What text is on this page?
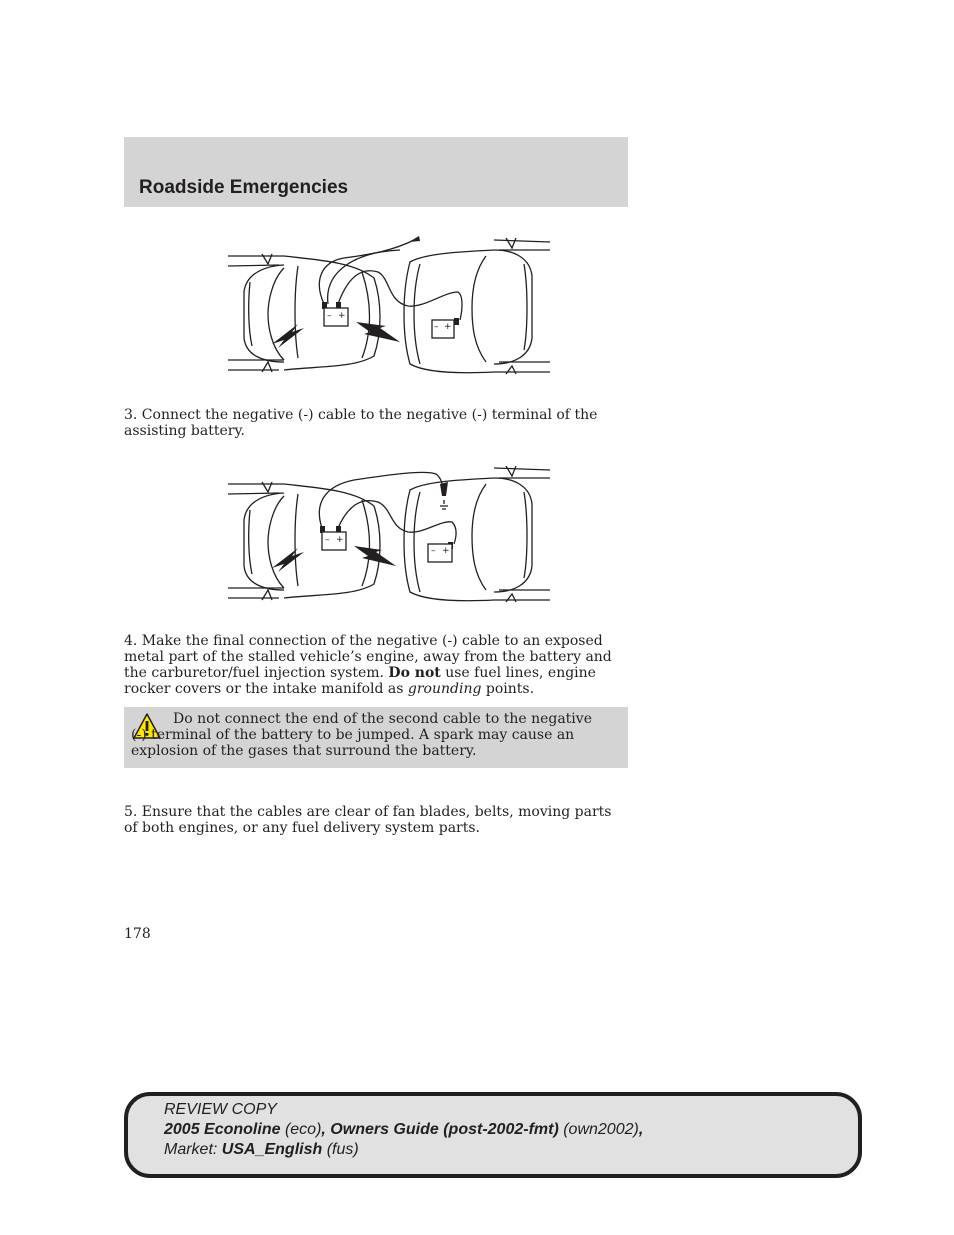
Roadside Emergencies
– +
– +

3. Connect the negative (-) cable to the negative (-) terminal of the assisting battery.

– +
– +

4. Make the final connection of the negative (-) cable to an exposed metal part of the stalled vehicle’s engine, away from the battery and the carburetor/fuel injection system. Do not use fuel lines, engine rocker covers or the intake manifold as grounding points.

Do not connect the end of the second cable to the negative (-) terminal of the battery to be jumped. A spark may cause an explosion of the gases that surround the battery.

5. Ensure that the cables are clear of fan blades, belts, moving parts of both engines, or any fuel delivery system parts.

178

REVIEW COPY
2005 Econoline (eco), Owners Guide (post-2002-fmt) (own2002),
Market: USA_English (fus)
